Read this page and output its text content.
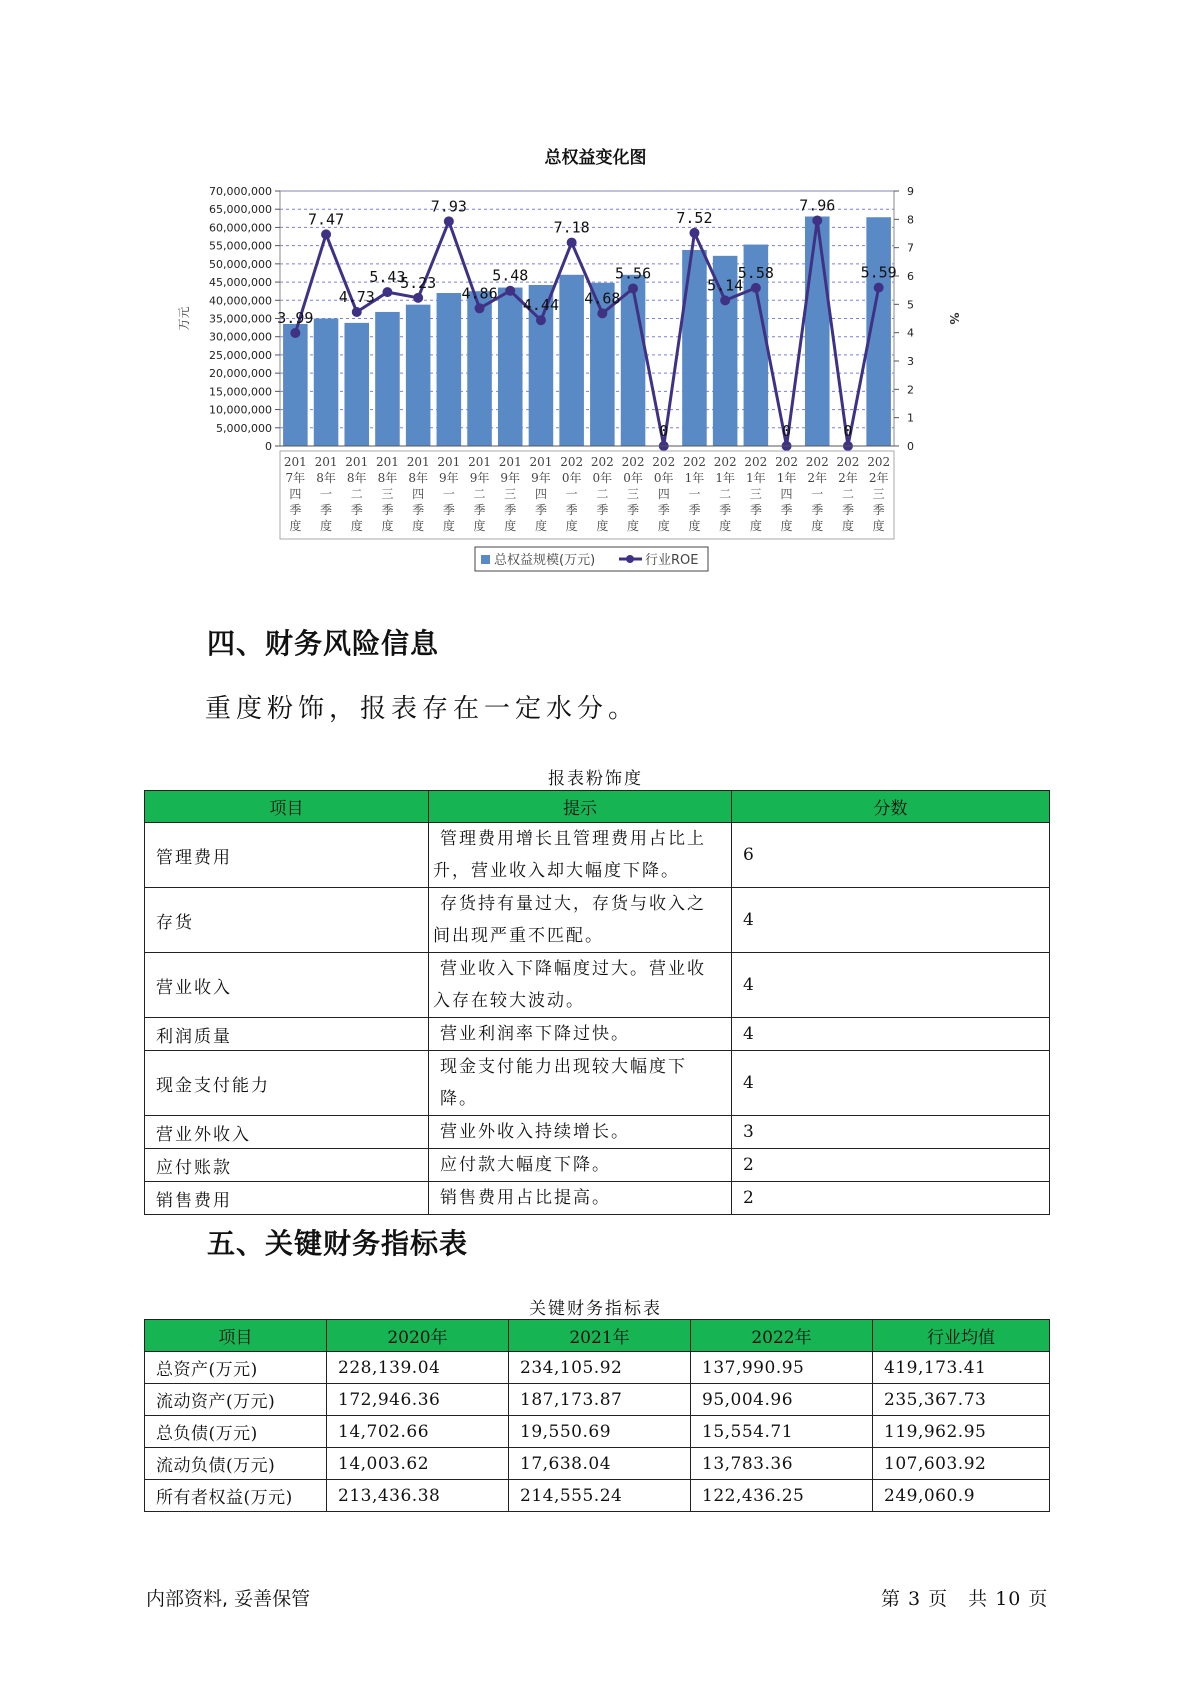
总权益变化图
0
5,000,000
10,000,000
15,000,000
20,000,000
25,000,000
30,000,000
35,000,000
40,000,000
45,000,000
50,000,000
55,000,000
60,000,000
65,000,000
70,000,000
0
1
2
3
4
5
6
7
8
9
万元	%
3.99
7.47
4.73
5.43
5.23
7.93
4.86
5.48
4.44
7.18
4.68
5.56
0
7.52
5.14
5.58
0
7.96
0
5.59
201
7年
四
季
度
201
8年
一
季
度
201
8年
二
季
度
201
8年
三
季
度
201
8年
四
季
度
201
9年
一
季
度
201
9年
二
季
度
201
9年
三
季
度
201
9年
四
季
度
202
0年
一
季
度
202
0年
二
季
度
202
0年
三
季
度
202
0年
四
季
度
202
1年
一
季
度
202
1年
二
季
度
202
1年
三
季
度
202
1年
四
季
度
202
2年
一
季
度
202
2年
二
季
度
202
2年
三
季
度
总权益规模(万元)	行业ROE
四、财务风险信息
重度粉饰，报表存在一定水分。
报表粉饰度
项目	提示	分数
管理费用	管理费用增长且管理费用占比上
升，营业收入却大幅度下降。	6
存货	存货持有量过大，存货与收入之
间出现严重不匹配。	4
营业收入	营业收入下降幅度过大。营业收
入存在较大波动。	4
利润质量	营业利润率下降过快。	4
现金支付能力	现金支付能力出现较大幅度下降。	4
营业外收入	营业外收入持续增长。	3
应付账款	应付款大幅度下降。	2
销售费用	销售费用占比提高。	2
五、关键财务指标表
关键财务指标表
项目	2020年	2021年	2022年	行业均值
总资产(万元)	228,139.04	234,105.92	137,990.95	419,173.41
流动资产(万元)	172,946.36	187,173.87	95,004.96	235,367.73
总负债(万元)	14,702.66	19,550.69	15,554.71	119,962.95
流动负债(万元)	14,003.62	17,638.04	13,783.36	107,603.92
所有者权益(万元)	213,436.38	214,555.24	122,436.25	249,060.9
内部资料, 妥善保管	第 3 页　共 10 页
